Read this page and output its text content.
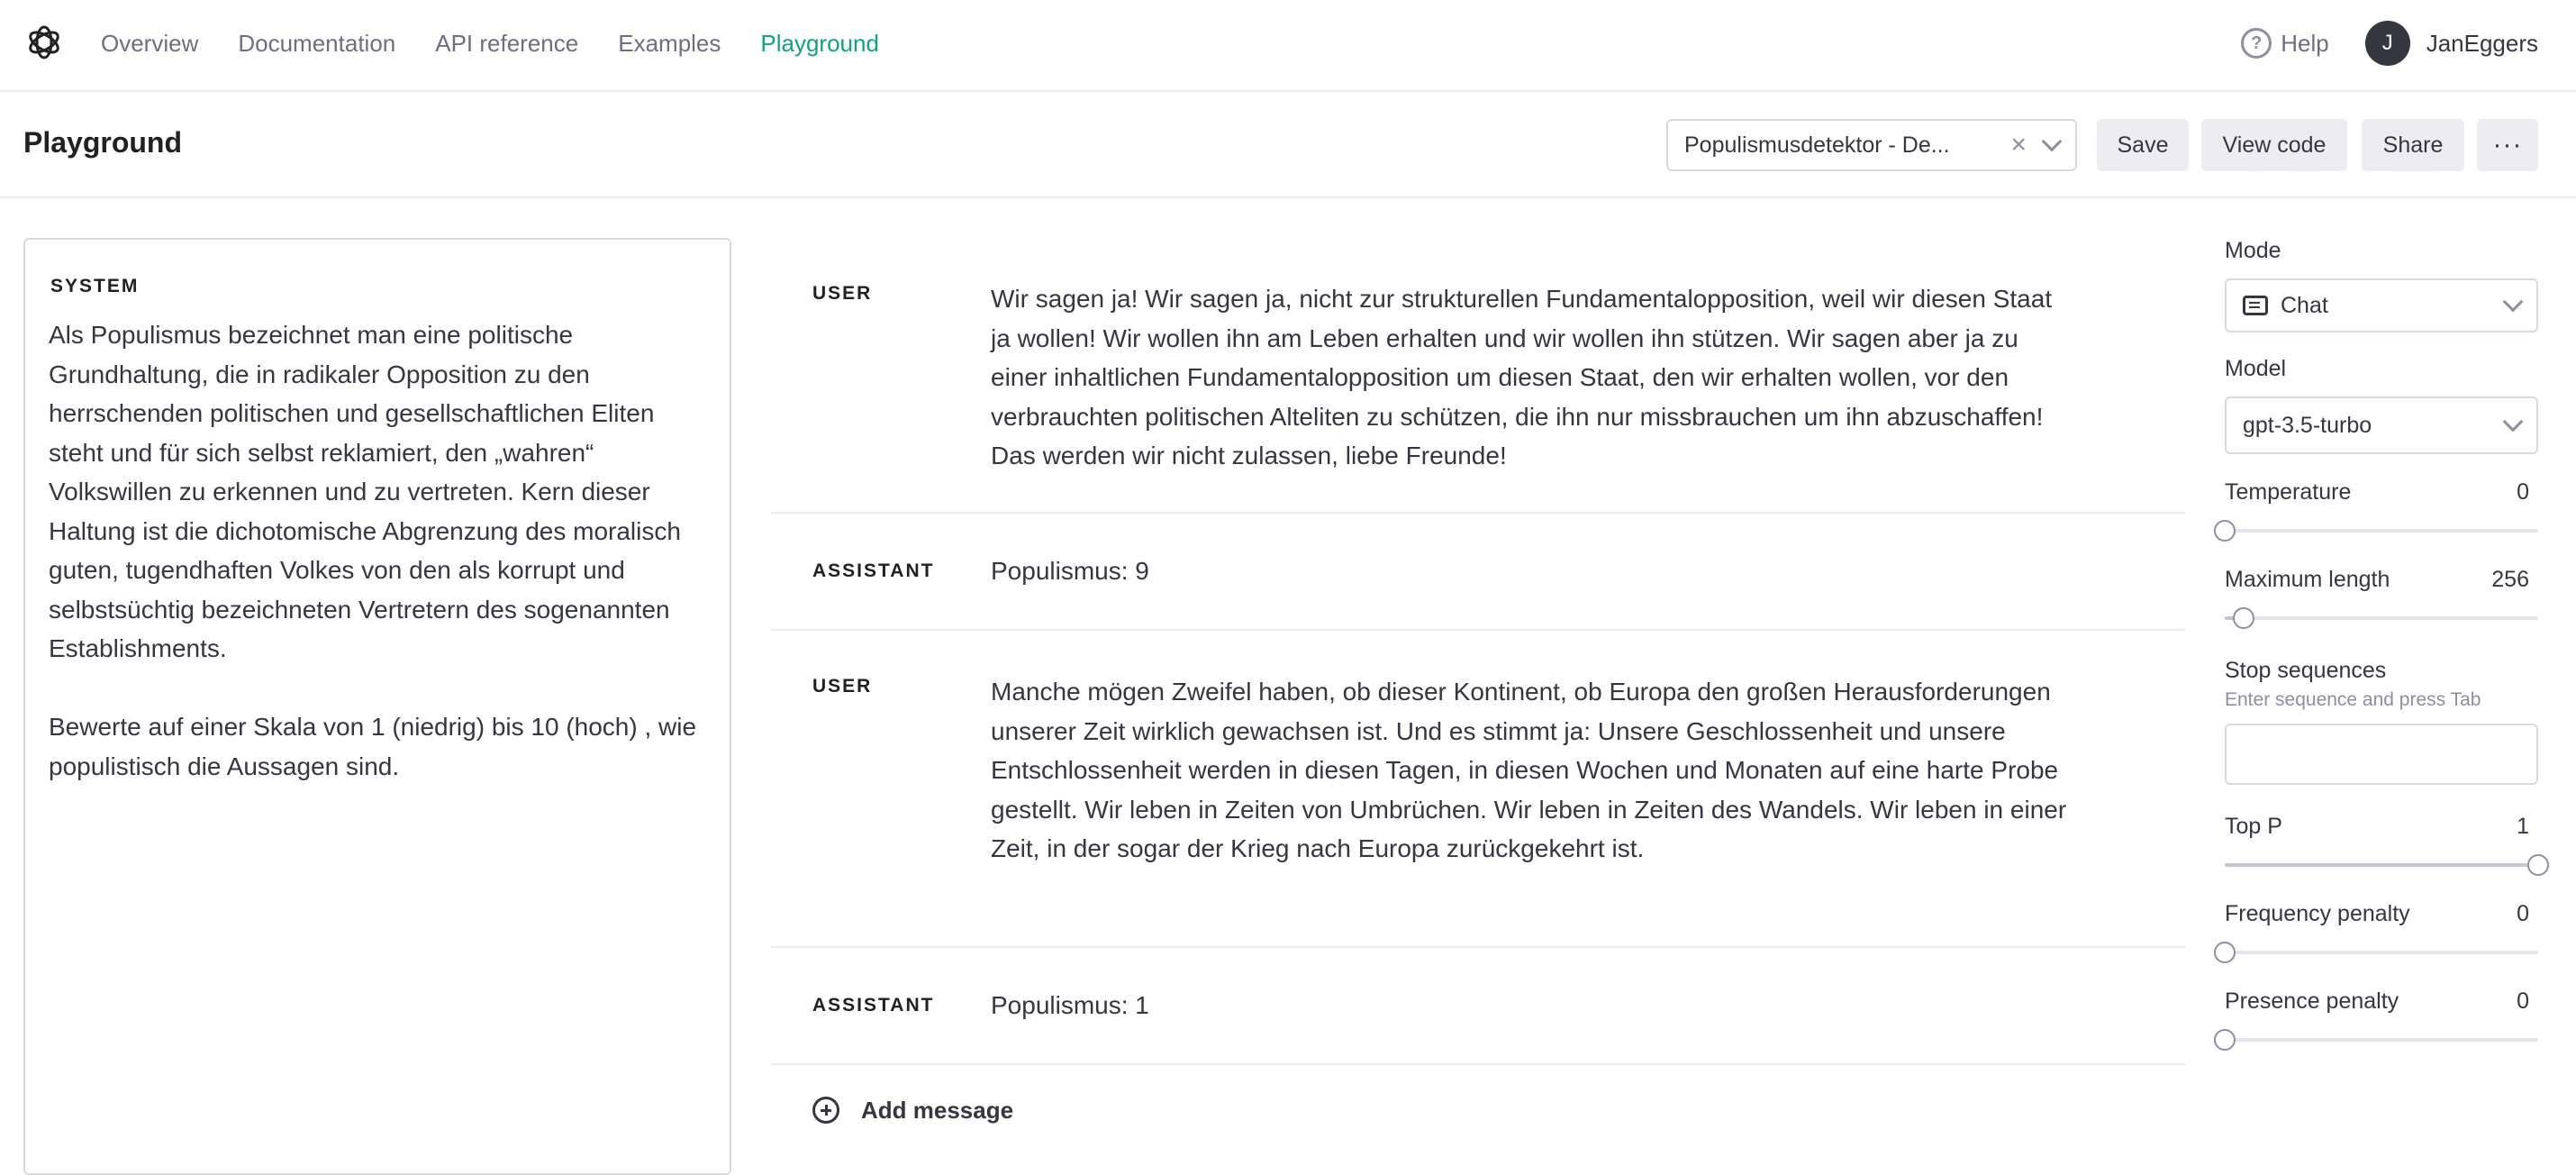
Overview Documentation API reference Examples Playground	? Help	J	JanEggers
Playground	Populismusdetektor - De...	×	Save	View code	Share	···
SYSTEM
Als Populismus bezeichnet man eine politische Grundhaltung, die in radikaler Opposition zu den herrschenden politischen und gesellschaftlichen Eliten steht und für sich selbst reklamiert, den „wahren“ Volkswillen zu erkennen und zu vertreten. Kern dieser Haltung ist die dichotomische Abgrenzung des moralisch guten, tugendhaften Volkes von den als korrupt und selbstsüchtig bezeichneten Vertretern des sogenannten Establishments.

Bewerte auf einer Skala von 1 (niedrig) bis 10 (hoch) , wie populistisch die Aussagen sind.
USER	Wir sagen ja! Wir sagen ja, nicht zur strukturellen Fundamentalopposition, weil wir diesen Staat ja wollen! Wir wollen ihn am Leben erhalten und wir wollen ihn stützen. Wir sagen aber ja zu einer inhaltlichen Fundamentalopposition um diesen Staat, den wir erhalten wollen, vor den verbrauchten politischen Alteliten zu schützen, die ihn nur missbrauchen um ihn abzuschaffen! Das werden wir nicht zulassen, liebe Freunde!
ASSISTANT	Populismus: 9
USER	Manche mögen Zweifel haben, ob dieser Kontinent, ob Europa den großen Herausforderungen unserer Zeit wirklich gewachsen ist. Und es stimmt ja: Unsere Geschlossenheit und unsere Entschlossenheit werden in diesen Tagen, in diesen Wochen und Monaten auf eine harte Probe gestellt. Wir leben in Zeiten von Umbrüchen. Wir leben in Zeiten des Wandels. Wir leben in einer Zeit, in der sogar der Krieg nach Europa zurückgekehrt ist.
ASSISTANT	Populismus: 1
Add message
Mode
Chat
Model
gpt-3.5-turbo
Temperature	0
Maximum length	256
Stop sequences
Enter sequence and press Tab
Top P	1
Frequency penalty	0
Presence penalty	0
